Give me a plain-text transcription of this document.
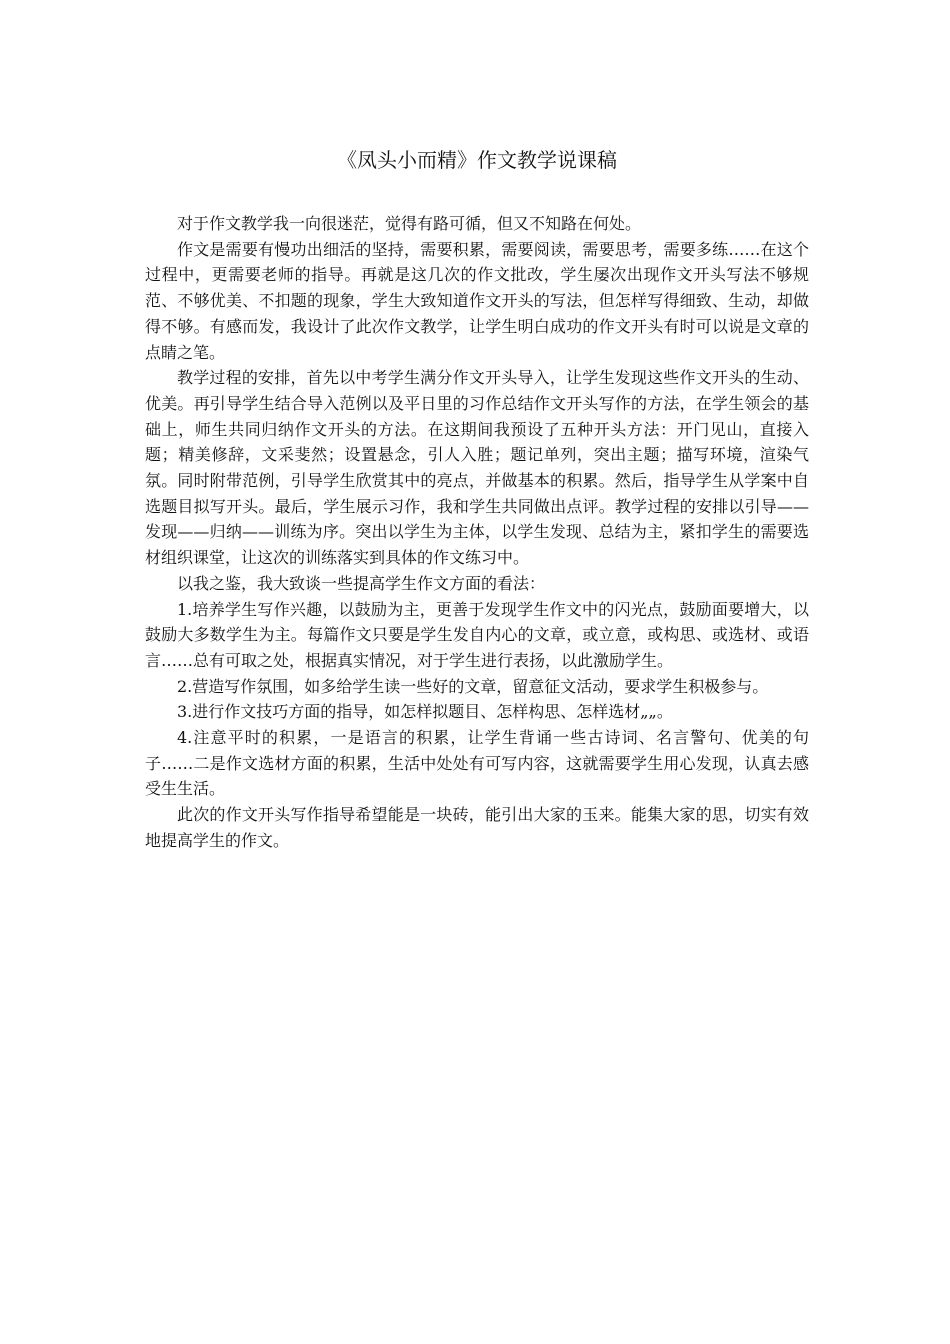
《凤头小而精》作文教学说课稿

对于作文教学我一向很迷茫，觉得有路可循，但又不知路在何处。

作文是需要有慢功出细活的坚持，需要积累，需要阅读，需要思考，需要多练……在这个过程中，更需要老师的指导。再就是这几次的作文批改，学生屡次出现作文开头写法不够规范、不够优美、不扣题的现象，学生大致知道作文开头的写法，但怎样写得细致、生动，却做得不够。有感而发，我设计了此次作文教学，让学生明白成功的作文开头有时可以说是文章的点睛之笔。

教学过程的安排，首先以中考学生满分作文开头导入，让学生发现这些作文开头的生动、优美。再引导学生结合导入范例以及平日里的习作总结作文开头写作的方法，在学生领会的基础上，师生共同归纳作文开头的方法。在这期间我预设了五种开头方法：开门见山，直接入题；精美修辞，文采斐然；设置悬念，引人入胜；题记单列，突出主题；描写环境，渲染气氛。同时附带范例，引导学生欣赏其中的亮点，并做基本的积累。然后，指导学生从学案中自选题目拟写开头。最后，学生展示习作，我和学生共同做出点评。教学过程的安排以引导——发现——归纳——训练为序。突出以学生为主体，以学生发现、总结为主，紧扣学生的需要选材组织课堂，让这次的训练落实到具体的作文练习中。

以我之鉴，我大致谈一些提高学生作文方面的看法：

1.培养学生写作兴趣，以鼓励为主，更善于发现学生作文中的闪光点，鼓励面要增大，以鼓励大多数学生为主。每篇作文只要是学生发自内心的文章，或立意，或构思、或选材、或语言……总有可取之处，根据真实情况，对于学生进行表扬，以此激励学生。

2.营造写作氛围，如多给学生读一些好的文章，留意征文活动，要求学生积极参与。

3.进行作文技巧方面的指导，如怎样拟题目、怎样构思、怎样选材„„。

4.注意平时的积累，一是语言的积累，让学生背诵一些古诗词、名言警句、优美的句子……二是作文选材方面的积累，生活中处处有可写内容，这就需要学生用心发现，认真去感受生生活。

此次的作文开头写作指导希望能是一块砖，能引出大家的玉来。能集大家的思，切实有效地提高学生的作文。
